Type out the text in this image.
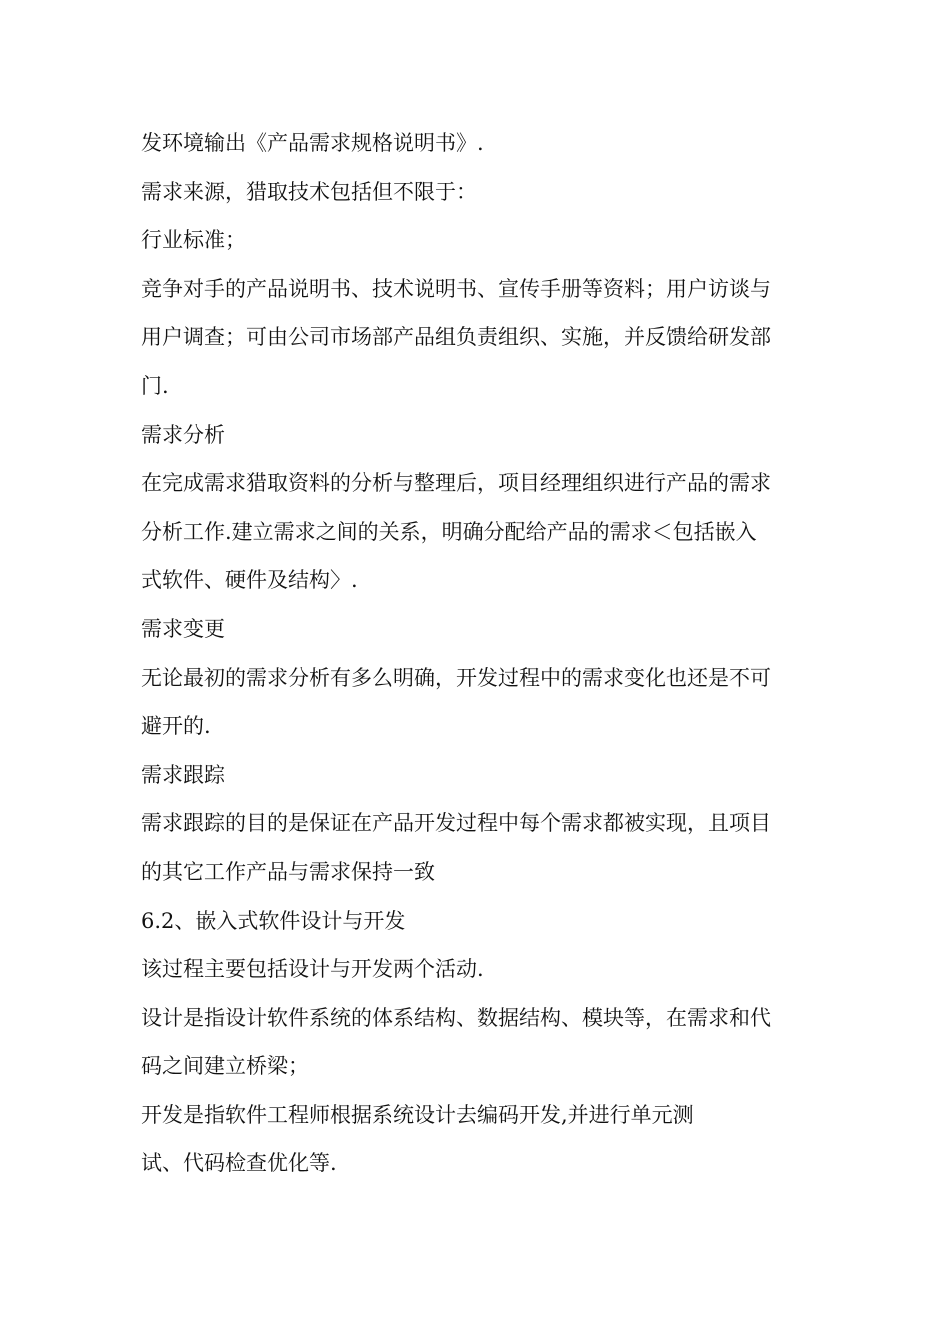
发环境输出《产品需求规格说明书》.
需求来源，猎取技术包括但不限于：
行业标准；
竞争对手的产品说明书、技术说明书、宣传手册等资料；用户访谈与
用户调查；可由公司市场部产品组负责组织、实施，并反馈给研发部
门.
需求分析
在完成需求猎取资料的分析与整理后，项目经理组织进行产品的需求
分析工作.建立需求之间的关系，明确分配给产品的需求＜包括嵌入
式软件、硬件及结构〉.
需求变更
无论最初的需求分析有多么明确，开发过程中的需求变化也还是不可
避开的.
需求跟踪
需求跟踪的目的是保证在产品开发过程中每个需求都被实现，且项目
的其它工作产品与需求保持一致
6.2、嵌入式软件设计与开发
该过程主要包括设计与开发两个活动.
设计是指设计软件系统的体系结构、数据结构、模块等，在需求和代
码之间建立桥梁；
开发是指软件工程师根据系统设计去编码开发,并进行单元测
试、代码检查优化等.
